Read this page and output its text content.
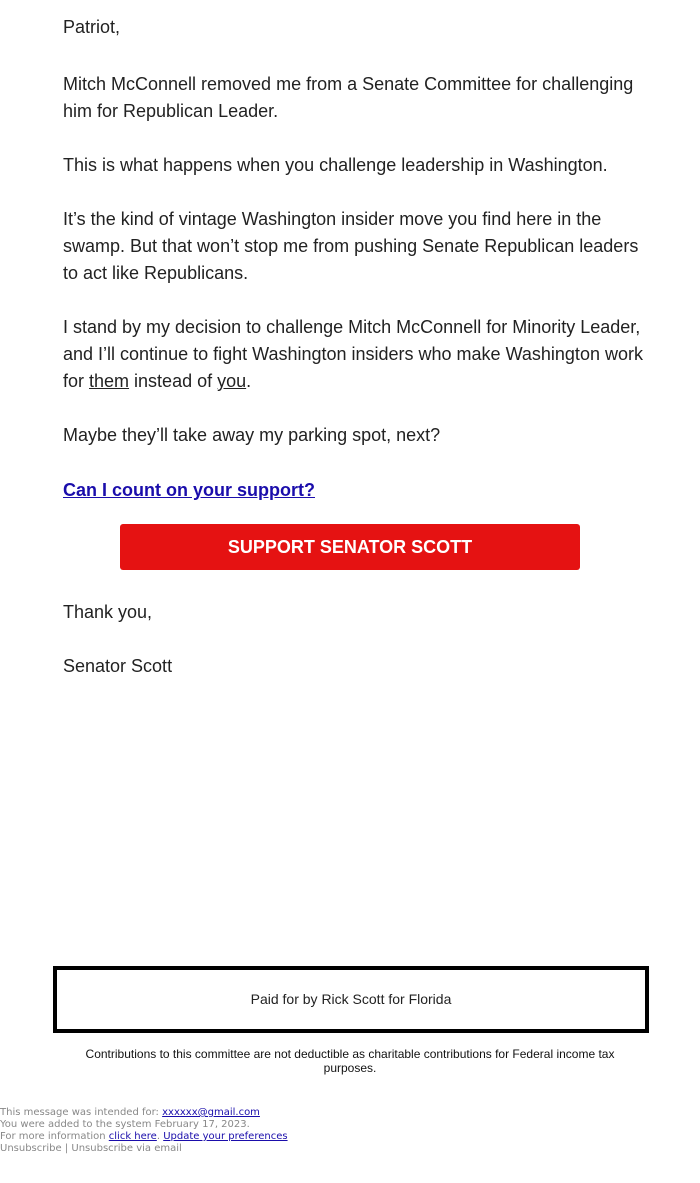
Patriot,

Mitch McConnell removed me from a Senate Committee for challenging him for Republican Leader.

This is what happens when you challenge leadership in Washington.

It’s the kind of vintage Washington insider move you find here in the swamp. But that won’t stop me from pushing Senate Republican leaders to act like Republicans.

I stand by my decision to challenge Mitch McConnell for Minority Leader, and I’ll continue to fight Washington insiders who make Washington work for them instead of you.

Maybe they’ll take away my parking spot, next?

Can I count on your support?
SUPPORT SENATOR SCOTT

Thank you,

Senator Scott

Paid for by Rick Scott for Florida
Contributions to this committee are not deductible as charitable contributions for Federal income tax purposes.
This message was intended for: xxxxxx@gmail.com
You were added to the system February 17, 2023.
For more information click here. Update your preferences
Unsubscribe | Unsubscribe via email
